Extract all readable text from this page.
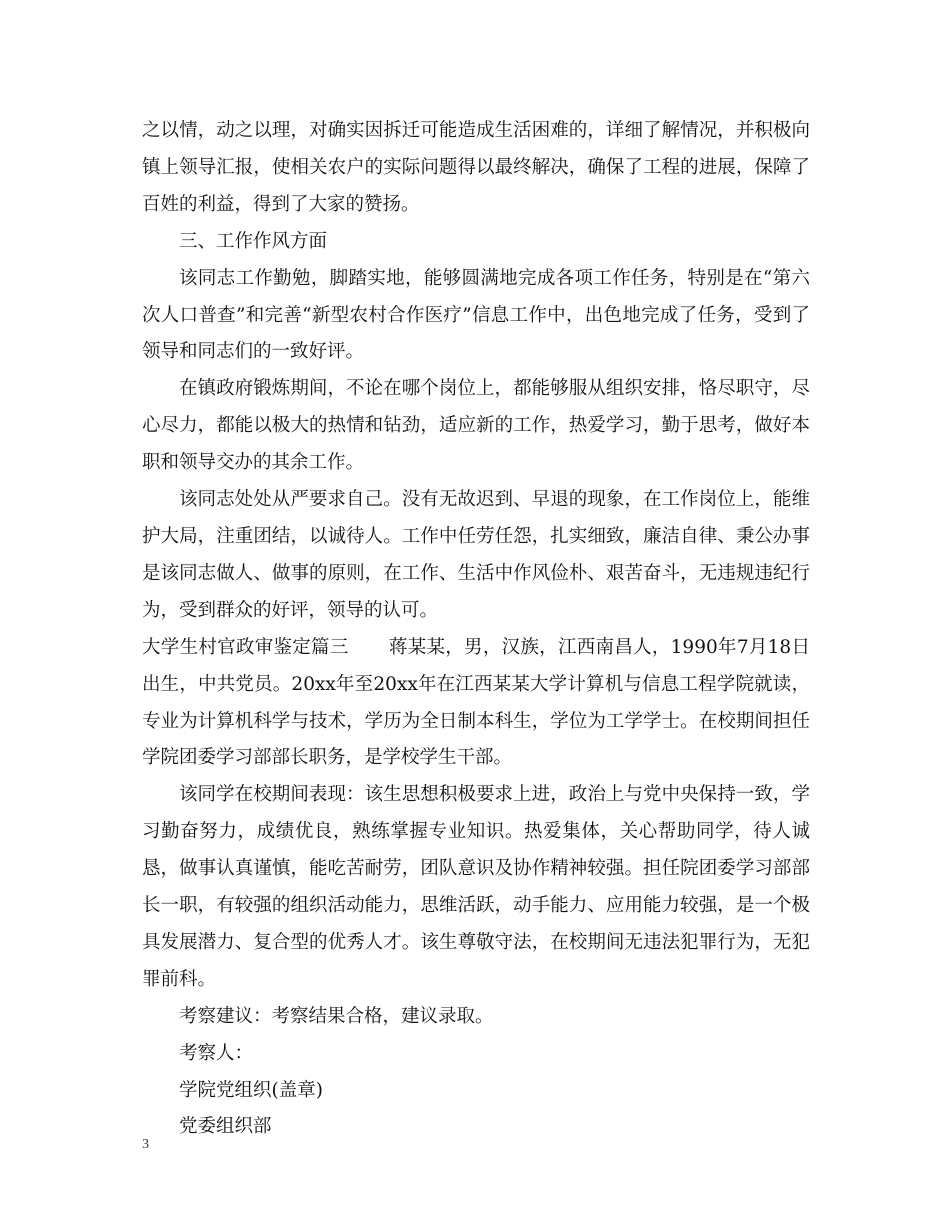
之以情，动之以理，对确实因拆迁可能造成生活困难的，详细了解情况，并积极向镇上领导汇报，使相关农户的实际问题得以最终解决，确保了工程的进展，保障了百姓的利益，得到了大家的赞扬。

三、工作作风方面

该同志工作勤勉，脚踏实地，能够圆满地完成各项工作任务，特别是在“第六次人口普查”和完善“新型农村合作医疗”信息工作中，出色地完成了任务，受到了领导和同志们的一致好评。

在镇政府锻炼期间，不论在哪个岗位上，都能够服从组织安排，恪尽职守，尽心尽力，都能以极大的热情和钻劲，适应新的工作，热爱学习，勤于思考，做好本职和领导交办的其余工作。

该同志处处从严要求自己。没有无故迟到、早退的现象，在工作岗位上，能维护大局，注重团结，以诚待人。工作中任劳任怨，扎实细致，廉洁自律、秉公办事是该同志做人、做事的原则，在工作、生活中作风俭朴、艰苦奋斗，无违规违纪行为，受到群众的好评，领导的认可。

大学生村官政审鉴定篇三 蒋某某，男，汉族，江西南昌人，1990年7月18日出生，中共党员。20xx年至20xx年在江西某某大学计算机与信息工程学院就读，专业为计算机科学与技术，学历为全日制本科生，学位为工学学士。在校期间担任学院团委学习部部长职务，是学校学生干部。

该同学在校期间表现：该生思想积极要求上进，政治上与党中央保持一致，学习勤奋努力，成绩优良，熟练掌握专业知识。热爱集体，关心帮助同学，待人诚恳，做事认真谨慎，能吃苦耐劳，团队意识及协作精神较强。担任院团委学习部部长一职，有较强的组织活动能力，思维活跃，动手能力、应用能力较强，是一个极具发展潜力、复合型的优秀人才。该生尊敬守法，在校期间无违法犯罪行为，无犯罪前科。

考察建议：考察结果合格，建议录取。

考察人：

学院党组织(盖章)

党委组织部

3
